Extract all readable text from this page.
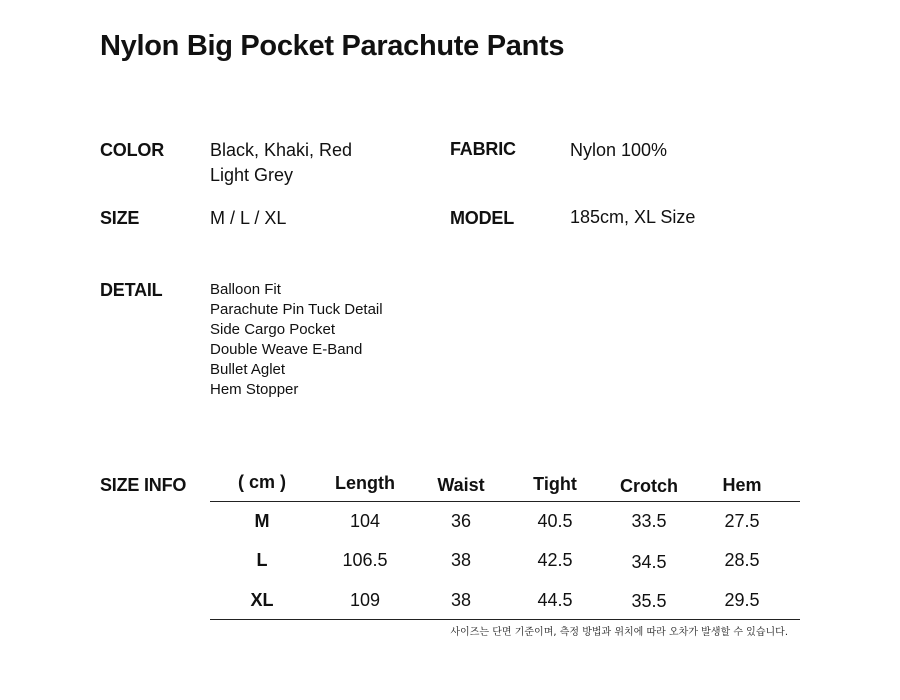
Nylon Big Pocket Parachute Pants
COLOR	Black, Khaki, Red
Light Grey
FABRIC	Nylon 100%
SIZE	M / L / XL	MODEL	185cm, XL Size
DETAIL	Balloon Fit
Parachute Pin Tuck Detail
Side Cargo Pocket
Double Weave E-Band
Bullet Aglet
Hem Stopper
SIZE INFO	( cm )	Length	Waist	Tight	Crotch	Hem
M	104	36	40.5	33.5	27.5
L	106.5	38	42.5	34.5	28.5
XL	109	38	44.5	35.5	29.5
사이즈는 단면 기준이며, 측정 방법과 위치에 따라 오차가 발생할 수 있습니다.
